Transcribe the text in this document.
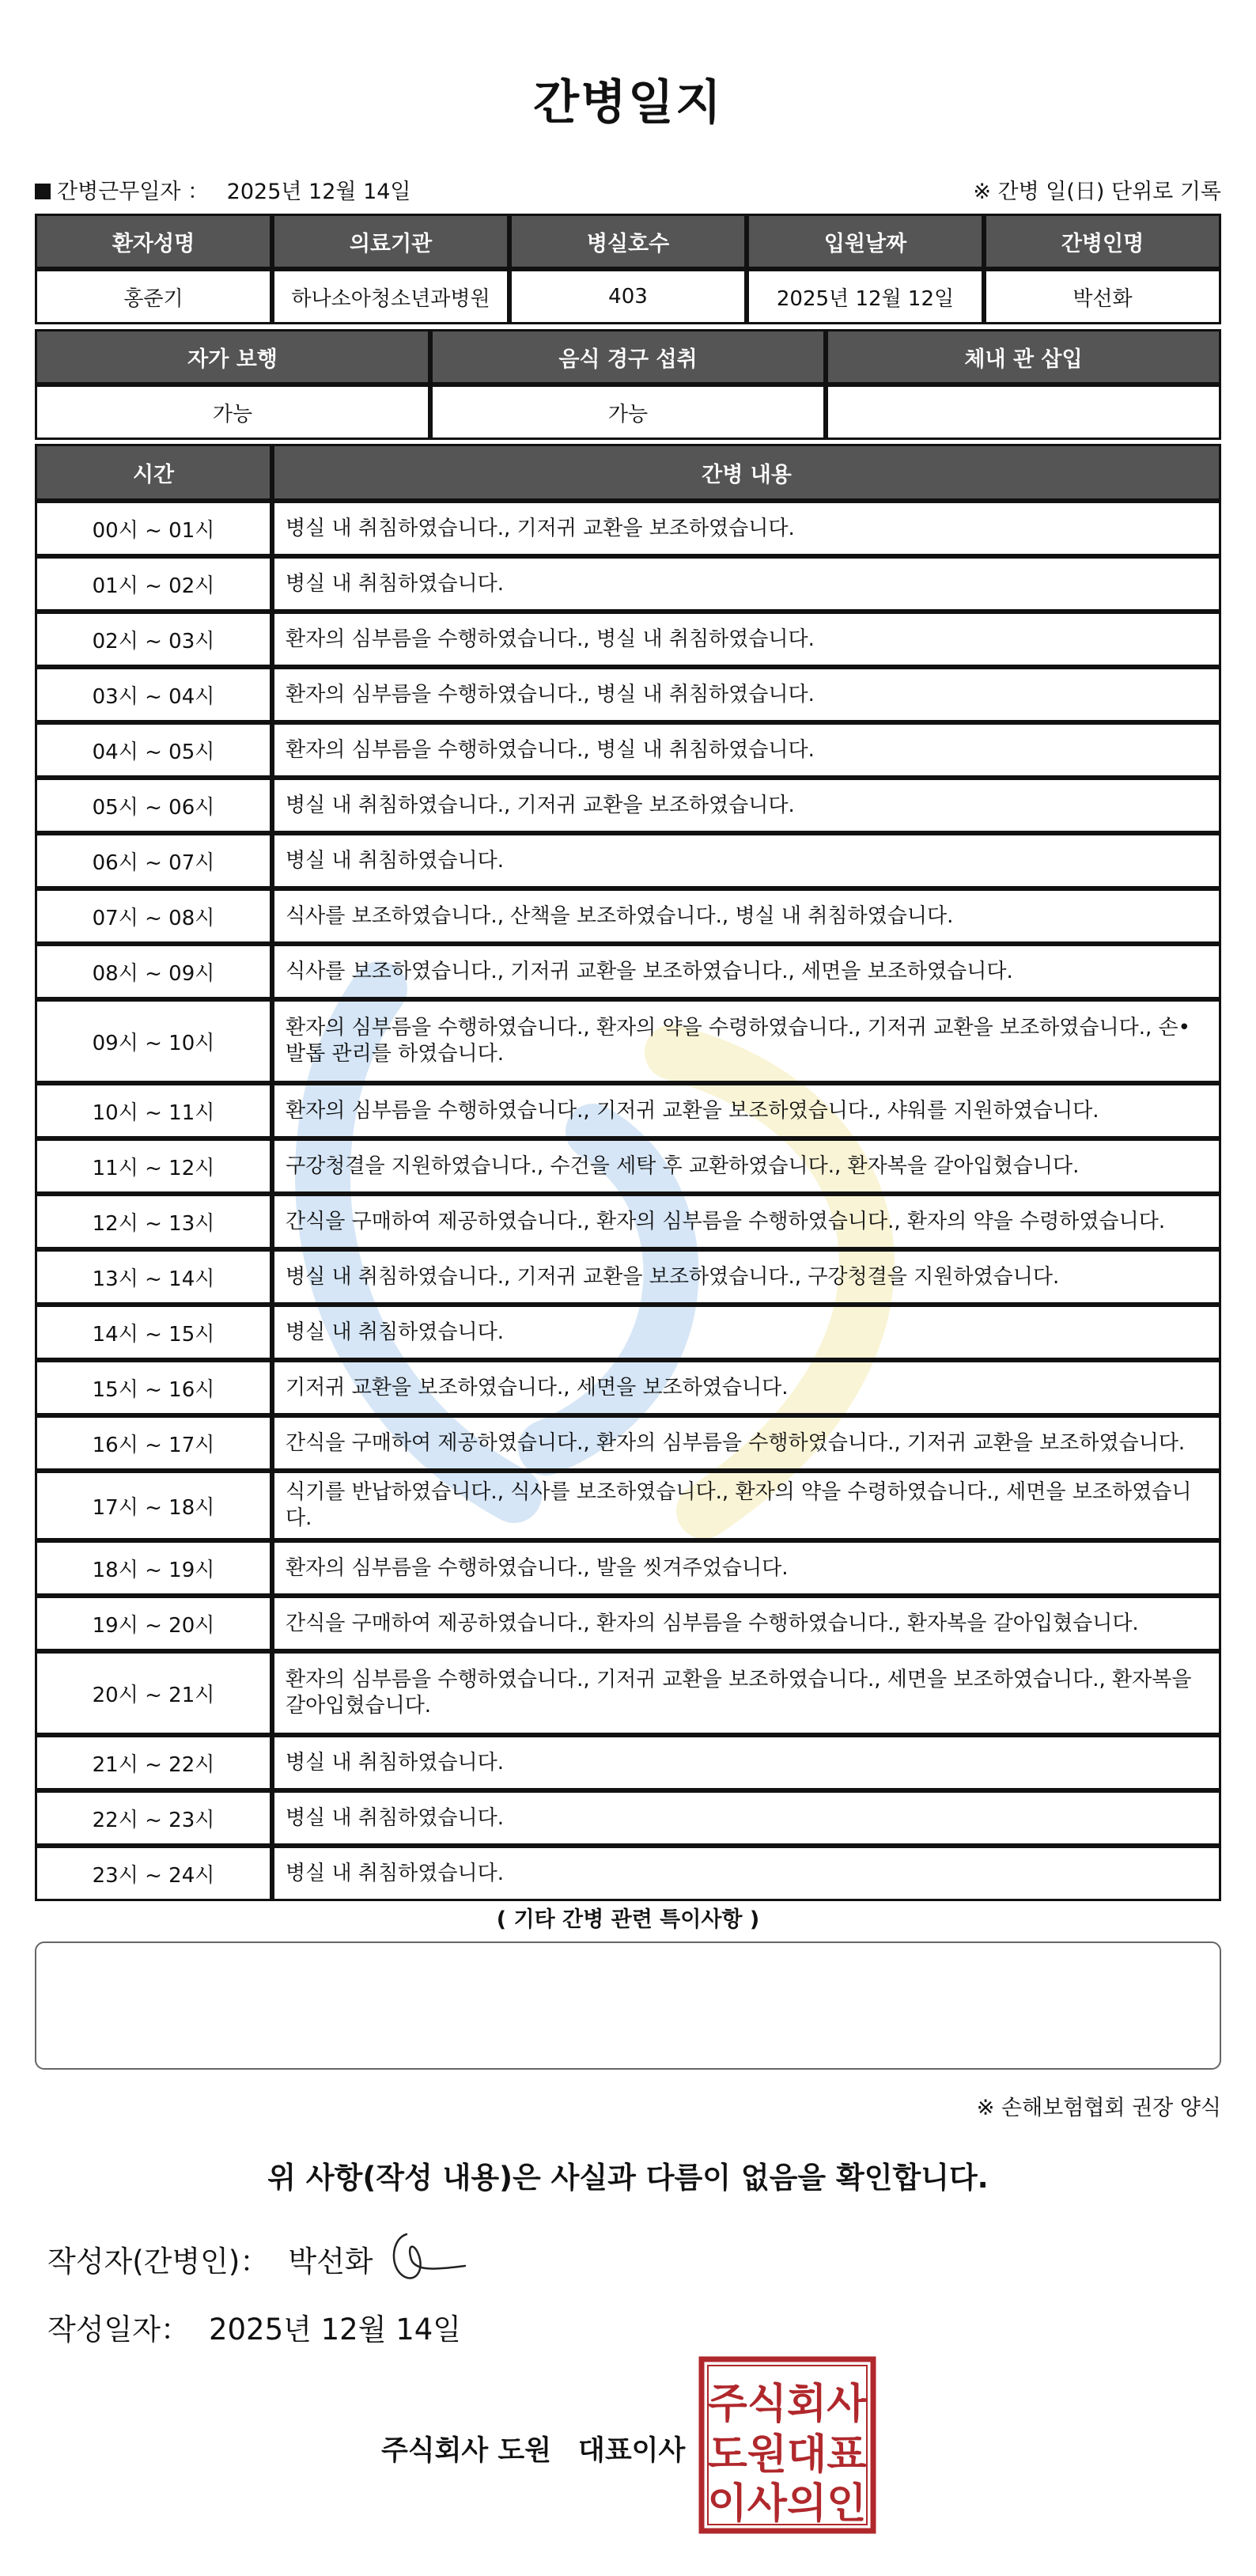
간병일지
간병근무일자 ： 2025년 12월 14일	※ 간병 일(日) 단위로 기록
환자성명	의료기관	병실호수	입원날짜	간병인명
홍준기	하나소아청소년과병원	403	2025년 12월 12일	박선화
자가 보행	음식 경구 섭취	체내 관 삽입
가능	가능	
시간	간병 내용
00시 ~ 01시	병실 내 취침하였습니다., 기저귀 교환을 보조하였습니다.
01시 ~ 02시	병실 내 취침하였습니다.
02시 ~ 03시	환자의 심부름을 수행하였습니다., 병실 내 취침하였습니다.
03시 ~ 04시	환자의 심부름을 수행하였습니다., 병실 내 취침하였습니다.
04시 ~ 05시	환자의 심부름을 수행하였습니다., 병실 내 취침하였습니다.
05시 ~ 06시	병실 내 취침하였습니다., 기저귀 교환을 보조하였습니다.
06시 ~ 07시	병실 내 취침하였습니다.
07시 ~ 08시	식사를 보조하였습니다., 산책을 보조하였습니다., 병실 내 취침하였습니다.
08시 ~ 09시	식사를 보조하였습니다., 기저귀 교환을 보조하였습니다., 세면을 보조하였습니다.
09시 ~ 10시	환자의 심부름을 수행하였습니다., 환자의 약을 수령하였습니다., 기저귀 교환을 보조하였습니다., 손•발톱 관리를 하였습니다.
10시 ~ 11시	환자의 심부름을 수행하였습니다., 기저귀 교환을 보조하였습니다., 샤워를 지원하였습니다.
11시 ~ 12시	구강청결을 지원하였습니다., 수건을 세탁 후 교환하였습니다., 환자복을 갈아입혔습니다.
12시 ~ 13시	간식을 구매하여 제공하였습니다., 환자의 심부름을 수행하였습니다., 환자의 약을 수령하였습니다.
13시 ~ 14시	병실 내 취침하였습니다., 기저귀 교환을 보조하였습니다., 구강청결을 지원하였습니다.
14시 ~ 15시	병실 내 취침하였습니다.
15시 ~ 16시	기저귀 교환을 보조하였습니다., 세면을 보조하였습니다.
16시 ~ 17시	간식을 구매하여 제공하였습니다., 환자의 심부름을 수행하였습니다., 기저귀 교환을 보조하였습니다.
17시 ~ 18시	식기를 반납하였습니다., 식사를 보조하였습니다., 환자의 약을 수령하였습니다., 세면을 보조하였습니다.
18시 ~ 19시	환자의 심부름을 수행하였습니다., 발을 씻겨주었습니다.
19시 ~ 20시	간식을 구매하여 제공하였습니다., 환자의 심부름을 수행하였습니다., 환자복을 갈아입혔습니다.
20시 ~ 21시	환자의 심부름을 수행하였습니다., 기저귀 교환을 보조하였습니다., 세면을 보조하였습니다., 환자복을 갈아입혔습니다.
21시 ~ 22시	병실 내 취침하였습니다.
22시 ~ 23시	병실 내 취침하였습니다.
23시 ~ 24시	병실 내 취침하였습니다.
( 기타 간병 관련 특이사항 )
※ 손해보험협회 권장 양식
위 사항(작성 내용)은 사실과 다름이 없음을 확인합니다.
작성자(간병인)： 박선화
작성일자： 2025년 12월 14일
주식회사 도원 대표이사
주식회사
도원대표
이사의인
